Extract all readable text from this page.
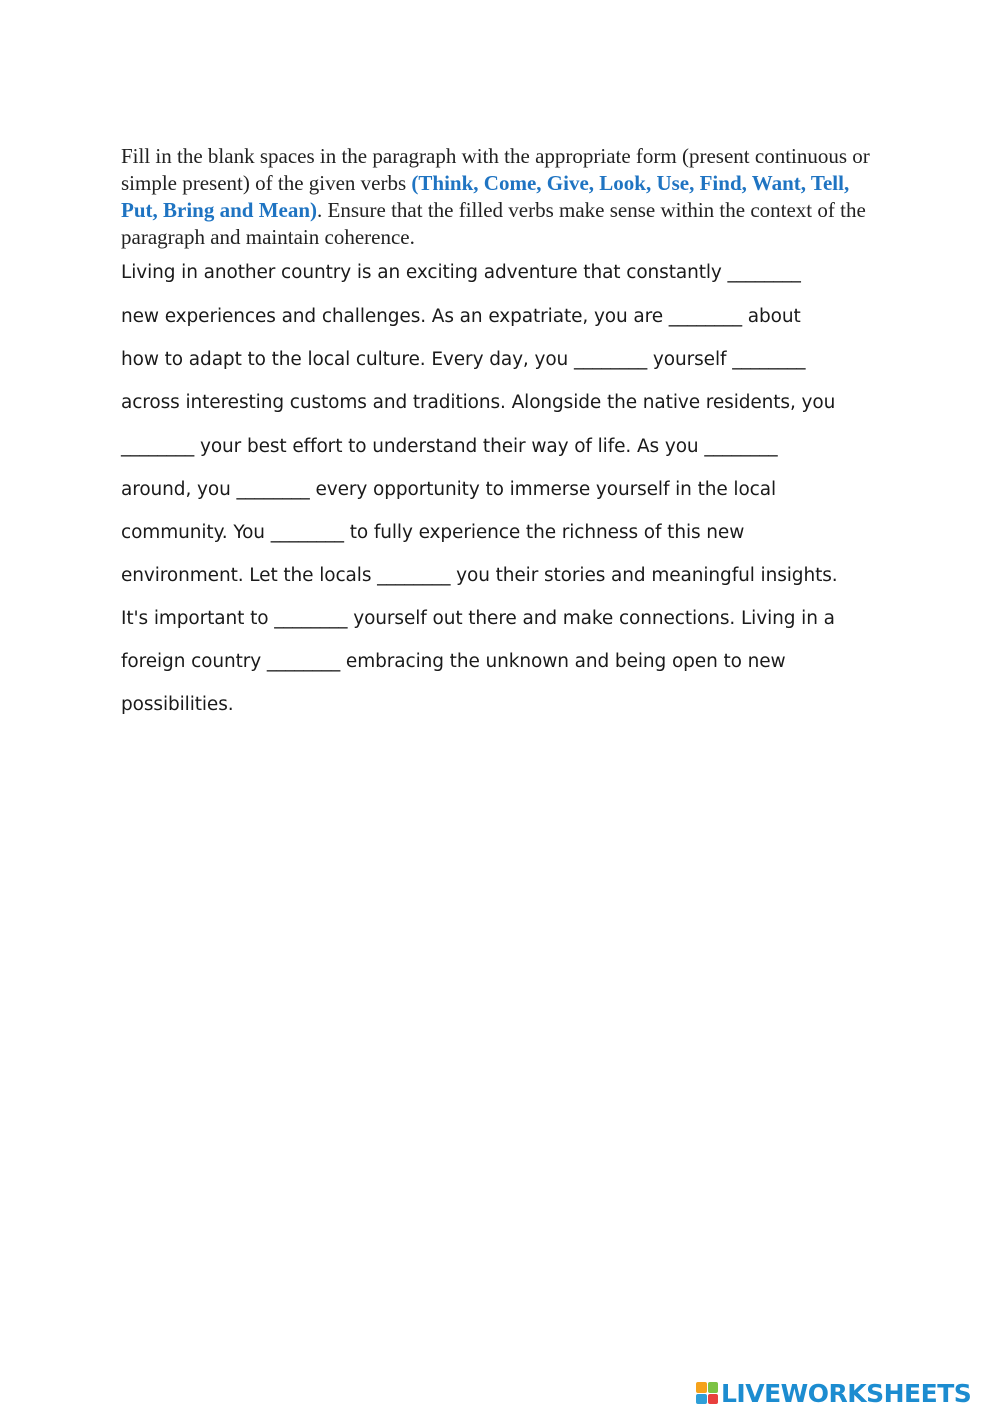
Fill in the blank spaces in the paragraph with the appropriate form (present continuous or simple present) of the given verbs (Think, Come, Give, Look, Use, Find, Want, Tell, Put, Bring and Mean). Ensure that the filled verbs make sense within the context of the paragraph and maintain coherence.

Living in another country is an exciting adventure that constantly ________
new experiences and challenges. As an expatriate, you are ________ about
how to adapt to the local culture. Every day, you ________ yourself ________
across interesting customs and traditions. Alongside the native residents, you
________ your best effort to understand their way of life. As you ________
around, you ________ every opportunity to immerse yourself in the local
community. You ________ to fully experience the richness of this new
environment. Let the locals ________ you their stories and meaningful insights.
It's important to ________ yourself out there and make connections. Living in a
foreign country ________ embracing the unknown and being open to new
possibilities.
LIVEWORKSHEETS
